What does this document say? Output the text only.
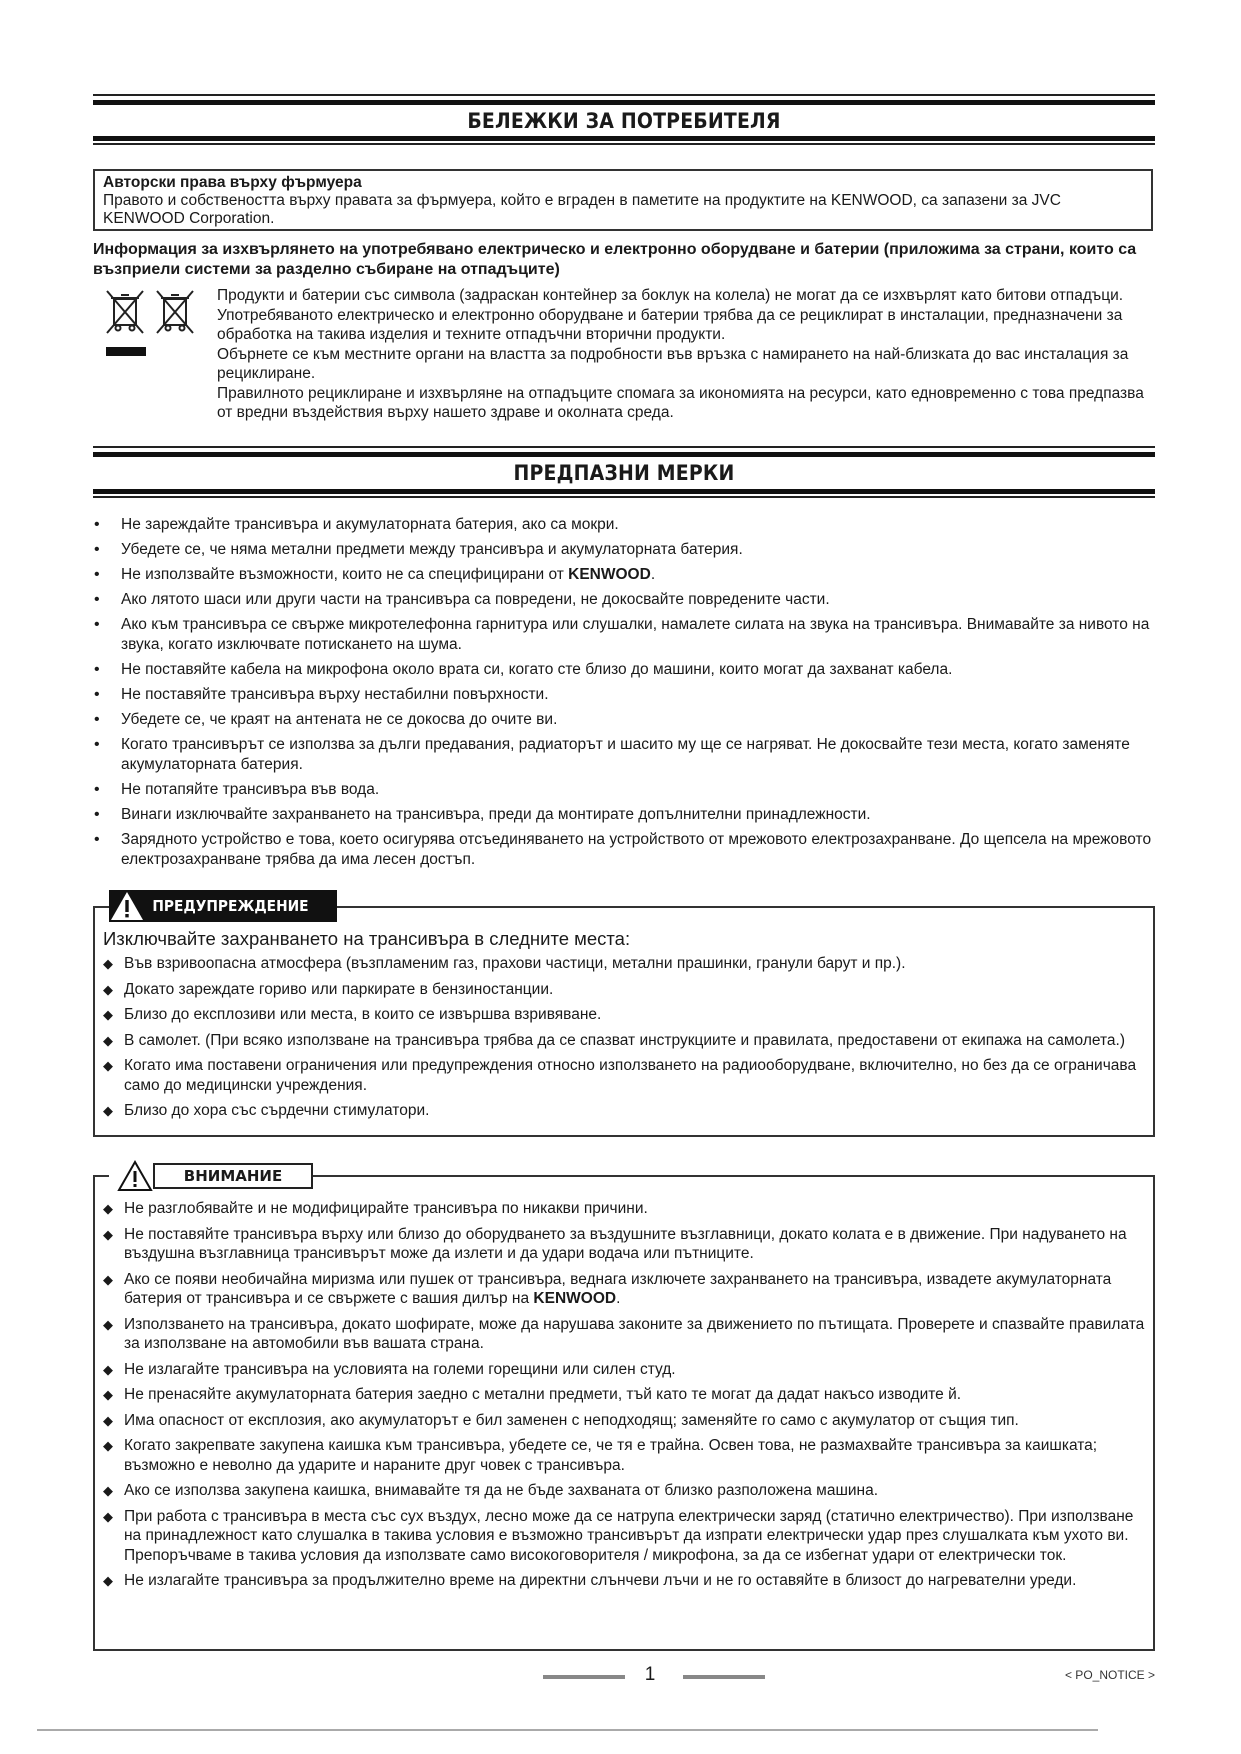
БЕЛЕЖКИ ЗА ПОТРЕБИТЕЛЯ
Авторски права върху фърмуера
Правото и собствеността върху правата за фърмуера, който е вграден в паметите на продуктите на KENWOOD, са запазени за JVC KENWOOD Corporation.
Информация за изхвърлянето на употребявано електрическо и електронно оборудване и батерии (приложима за страни, които са възприели системи за разделно събиране на отпадъците)

Продукти и батерии със символа (задраскан контейнер за боклук на колела) не могат да се изхвърлят като битови отпадъци.

Употребяваното електрическо и електронно оборудване и батерии трябва да се рециклират в инсталации, предназначени за обработка на такива изделия и техните отпадъчни вторични продукти.

Обърнете се към местните органи на властта за подробности във връзка с намирането на най-близката до вас инсталация за рециклиране.

Правилното рециклиране и изхвърляне на отпадъците спомага за икономията на ресурси, като едновременно с това предпазва от вредни въздействия върху нашето здраве и околната среда.

ПРЕДПАЗНИ МЕРКИ
• Не зареждайте трансивъра и акумулаторната батерия, ако са мокри.
• Убедете се, че няма метални предмети между трансивъра и акумулаторната батерия.
• Не използвайте възможности, които не са специфицирани от KENWOOD.
• Ако лятото шаси или други части на трансивъра са повредени, не докосвайте повредените части.
• Ако към трансивъра се свърже микротелефонна гарнитура или слушалки, намалете силата на звука на трансивъра. Внимавайте за нивото на звука, когато изключвате потискането на шума.
• Не поставяйте кабела на микрофона около врата си, когато сте близо до машини, които могат да захванат кабела.
• Не поставяйте трансивъра върху нестабилни повърхности.
• Убедете се, че краят на антената не се докосва до очите ви.
• Когато трансивърът се използва за дълги предавания, радиаторът и шасито му ще се нагряват. Не докосвайте тези места, когато заменяте акумулаторната батерия.
• Не потапяйте трансивъра във вода.
• Винаги изключвайте захранването на трансивъра, преди да монтирате допълнителни принадлежности.
• Зарядното устройство е това, което осигурява отсъединяването на устройството от мрежовото електрозахранване. До щепсела на мрежовото електрозахранване трябва да има лесен достъп.
Изключвайте захранването на трансивъра в следните места:
◆ Във взривоопасна атмосфера (възпламеним газ, прахови частици, метални прашинки, гранули барут и пр.).
◆ Докато зареждате гориво или паркирате в бензиностанции.
◆ Близо до експлозиви или места, в които се извършва взривяване.
◆ В самолет. (При всяко използване на трансивъра трябва да се спазват инструкциите и правилата, предоставени от екипажа на самолета.)
◆ Когато има поставени ограничения или предупреждения относно използването на радиооборудване, включително, но без да се ограничава само до медицински учреждения.
◆ Близо до хора със сърдечни стимулатори.
ПРЕДУПРЕЖДЕНИЕ
◆ Не разглобявайте и не модифицирайте трансивъра по никакви причини.
◆ Не поставяйте трансивъра върху или близо до оборудването за въздушните възглавници, докато колата е в движение. При надуването на въздушна възглавница трансивърът може да излети и да удари водача или пътниците.
◆ Ако се появи необичайна миризма или пушек от трансивъра, веднага изключете захранването на трансивъра, извадете акумулаторната батерия от трансивъра и се свържете с вашия дилър на KENWOOD.
◆ Използването на трансивъра, докато шофирате, може да нарушава законите за движението по пътищата. Проверете и спазвайте правилата за използване на автомобили във вашата страна.
◆ Не излагайте трансивъра на условията на големи горещини или силен студ.
◆ Не пренасяйте акумулаторната батерия заедно с метални предмети, тъй като те могат да дадат накъсо изводите й.
◆ Има опасност от експлозия, ако акумулаторът е бил заменен с неподходящ; заменяйте го само с акумулатор от същия тип.
◆ Когато закрепвате закупена каишка към трансивъра, убедете се, че тя е трайна. Освен това, не размахвайте трансивъра за каишката; възможно е неволно да ударите и нараните друг човек с трансивъра.
◆ Ако се използва закупена каишка, внимавайте тя да не бъде захваната от близко разположена машина.
◆ При работа с трансивъра в места със сух въздух, лесно може да се натрупа електрически заряд (статично електричество). При използване на принадлежност като слушалка в такива условия е възможно трансивърът да изпрати електрически удар през слушалката към ухото ви. Препоръчваме в такива условия да използвате само високоговорителя / микрофона, за да се избегнат удари от електрически ток.
◆ Не излагайте трансивъра за продължително време на директни слънчеви лъчи и не го оставяйте в близост до нагревателни уреди.
ВНИМАНИЕ
1	< PO_NOTICE >
